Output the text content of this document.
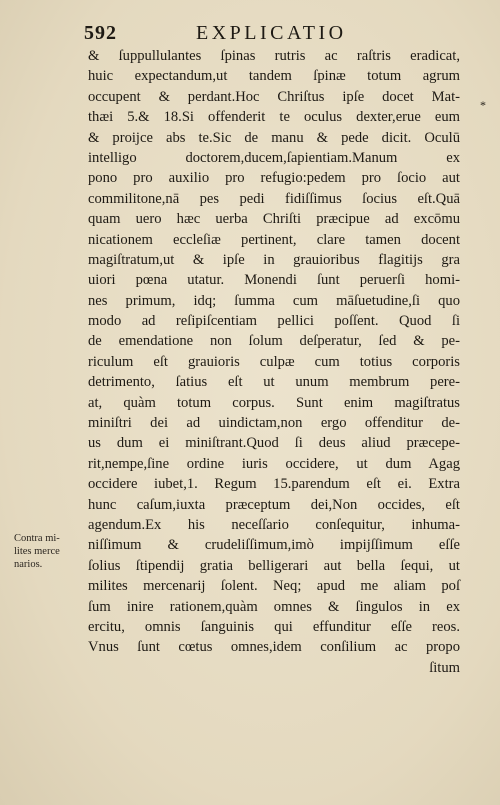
592	EXPLICATIO
*
& ſuppullulantes ſpinas rutris ac raſtris eradicat,
huic expectandum,ut tandem ſpinæ totum agrum
occupent & perdant.Hoc Chriſtus ipſe docet Mat-
thæi 5.& 18.Si offenderit te oculus dexter,erue eum
& proijce abs te.Sic de manu & pede dicit. Oculū
intelligo doctorem,ducem,ſapientiam.Manum ex
pono pro auxilio pro refugio:pedem pro ſocio aut
commilitone,nā pes pedi fidiſſimus ſocius eſt.Quā
quam uero hæc uerba Chriſti præcipue ad excōmu
nicationem eccleſiæ pertinent, clare tamen docent
magiſtratum,ut & ipſe in grauioribus flagitijs gra
uiori pœna utatur. Monendi ſunt peruerſi homi-
nes primum, idq; ſumma cum māſuetudine,ſi quo
modo ad reſipiſcentiam pellici poſſent. Quod ſi
de emendatione non ſolum deſperatur, ſed & pe-
riculum eſt grauioris culpæ cum totius corporis
detrimento, ſatius eſt ut unum membrum pere-
at, quàm totum corpus. Sunt enim magiſtratus
miniſtri dei ad uindictam,non ergo offenditur de-
us dum ei miniſtrant.Quod ſi deus aliud præcepe-
rit,nempe,ſine ordine iuris occidere, ut dum Agag
occidere iubet,1. Regum 15.parendum eſt ei. Extra
hunc caſum,iuxta præceptum dei,Non occides, eſt
agendum.Ex his neceſſario conſequitur, inhuma-
niſſimum & crudeliſſimum,imò impijſſimum eſſe
ſolius ſtipendij gratia belligerari aut bella ſequi, ut
milites mercenarij ſolent. Neq; apud me aliam poſ
ſum inire rationem,quàm omnes & ſingulos in ex
ercitu, omnis ſanguinis qui effunditur eſſe reos.
Vnus ſunt cœtus omnes,idem conſilium ac propo
ſitum
Contra mi-
lites merce
narios.
